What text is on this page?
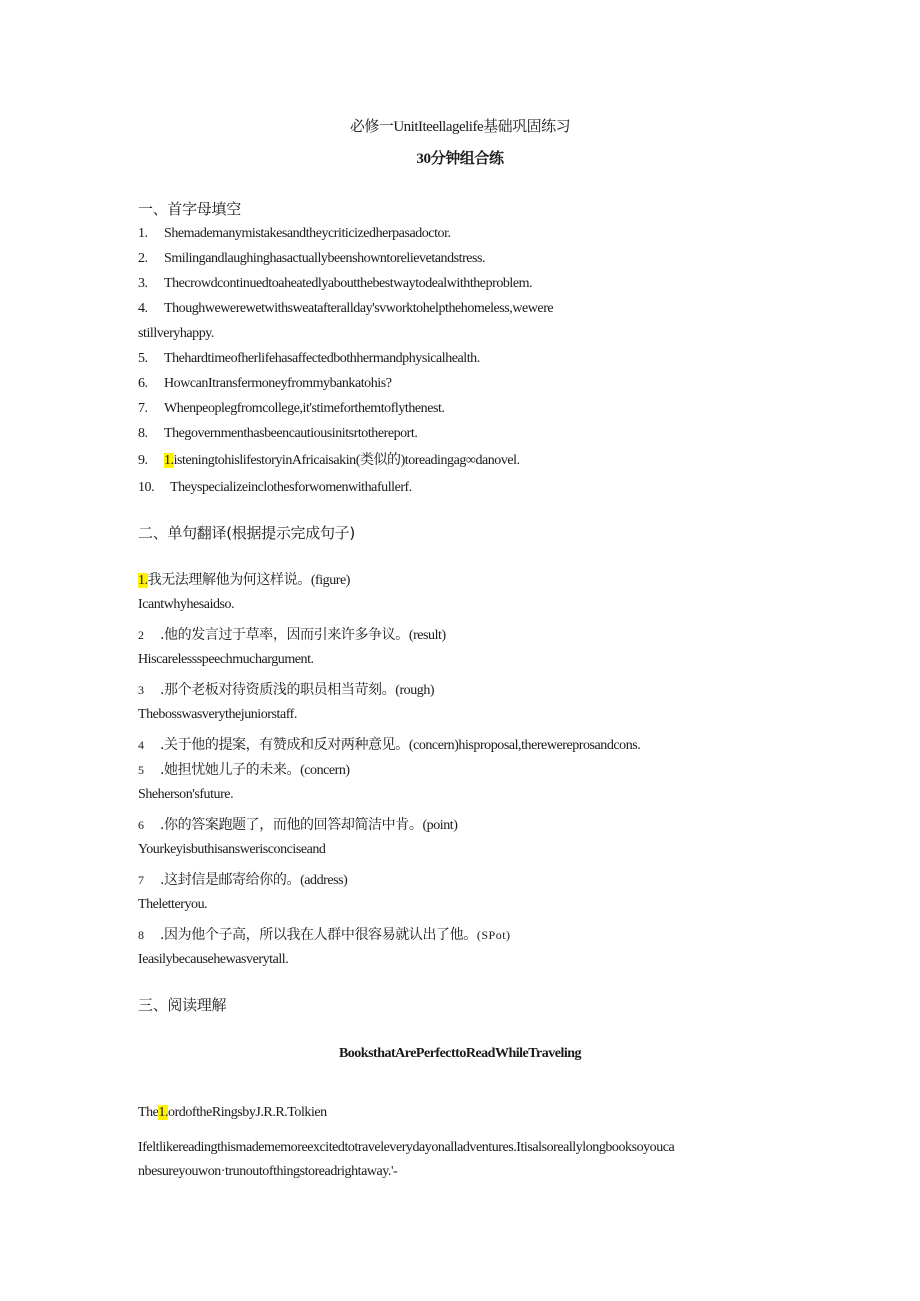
必修一UnitIteellagelife基础巩固练习
30分钟组合练
一、首字母填空
1. Shemademanymistakesandtheycriticizedherpasadoctor.
2. Smilingandlaughinghasactuallybeenshowntorelievetandstress.
3. Thecrowdcontinuedtoaheatedlyaboutthebestwaytodealwiththeproblem.
4. Thoughwewerewetwithsweatafterallday'svworktohelpthehomeless,wewere
stillveryhappy.
5. Thehardtimeofherlifehasaffectedbothhermandphysicalhealth.
6. HowcanItransfermoneyfrommybankatohis?
7. Whenpeoplegfromcollege,it'stimeforthemtoflythenest.
8. Thegovernmenthasbeencautiousinitsrtothereport.
9. 1.isteningtohislifestoryinAfricaisakin(类似的)toreadingag∞danovel.
10. Theyspecializeinclothesforwomenwithafullerf.
二、单句翻译(根据提示完成句子)
1.我无法理解他为何这样说。(figure)
Icantwhyhesaidso.
2 .他的发言过于草率，因而引来许多争议。(result)
Hiscarelessspeechmuchargument.
3 .那个老板对待资质浅的职员相当苛刻。(rough)
Thebosswasverythejuniorstaff.
4 .关于他的提案，有赞成和反对两种意见。(concern)hisproposal,therewereprosandcons.
5 .她担忧她儿子的未来。(concern)
Sheherson'sfuture.
6 .你的答案跑题了，而他的回答却简洁中肯。(point)
Yourkeyisbuthisanswerisconciseand
7 .这封信是邮寄给你的。(address)
Theletteryou.
8 .因为他个子高，所以我在人群中很容易就认出了他。(SPot)
Ieasilybecausehewasverytall.
三、阅读理解
BooksthatArePerfecttoReadWhileTraveling
The1.ordoftheRingsbyJ.R.R.Tolkien
Ifeltlikereadingthismadememoreexcitedtotraveleverydayonalladventures.Itisalsoreallylongbooksoyouca
nbesureyouwon·trunoutofthingstoreadrightaway.'-
